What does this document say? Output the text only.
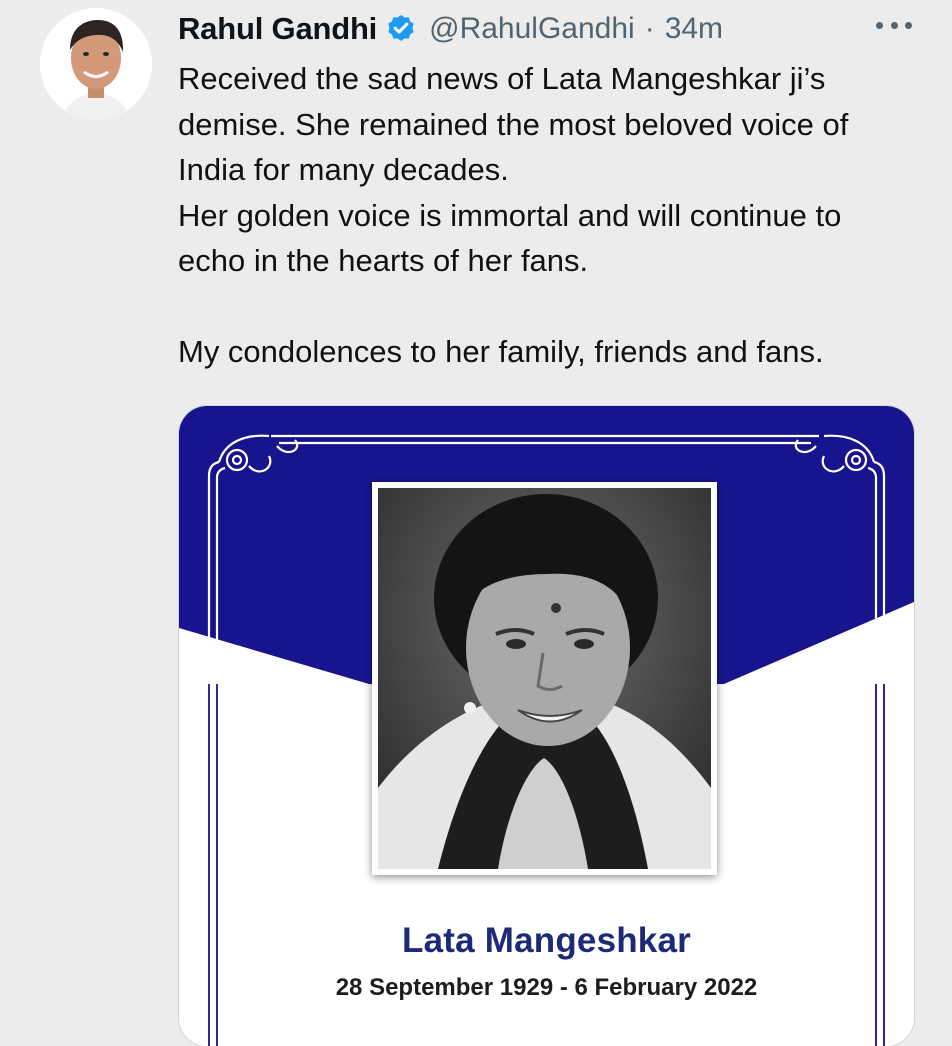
Rahul Gandhi @RahulGandhi · 34m

Received the sad news of Lata Mangeshkar ji’s

demise. She remained the most beloved voice of

India for many decades.

Her golden voice is immortal and will continue to

echo in the hearts of her fans.

My condolences to her family, friends and fans.

Lata Mangeshkar
28 September 1929 - 6 February 2022
